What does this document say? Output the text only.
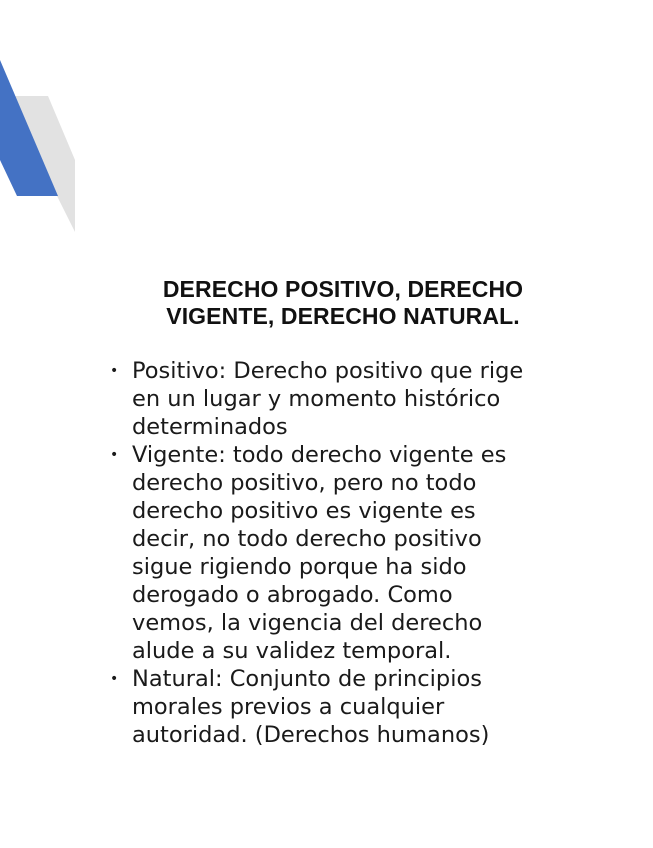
DERECHO POSITIVO, DERECHO
VIGENTE, DERECHO NATURAL.
• Positivo: Derecho positivo que rige
en un lugar y momento histórico
determinados
• Vigente: todo derecho vigente es
derecho positivo, pero no todo
derecho positivo es vigente es
decir, no todo derecho positivo
sigue rigiendo porque ha sido
derogado o abrogado. Como
vemos, la vigencia del derecho
alude a su validez temporal.
• Natural: Conjunto de principios
morales previos a cualquier
autoridad. (Derechos humanos)
